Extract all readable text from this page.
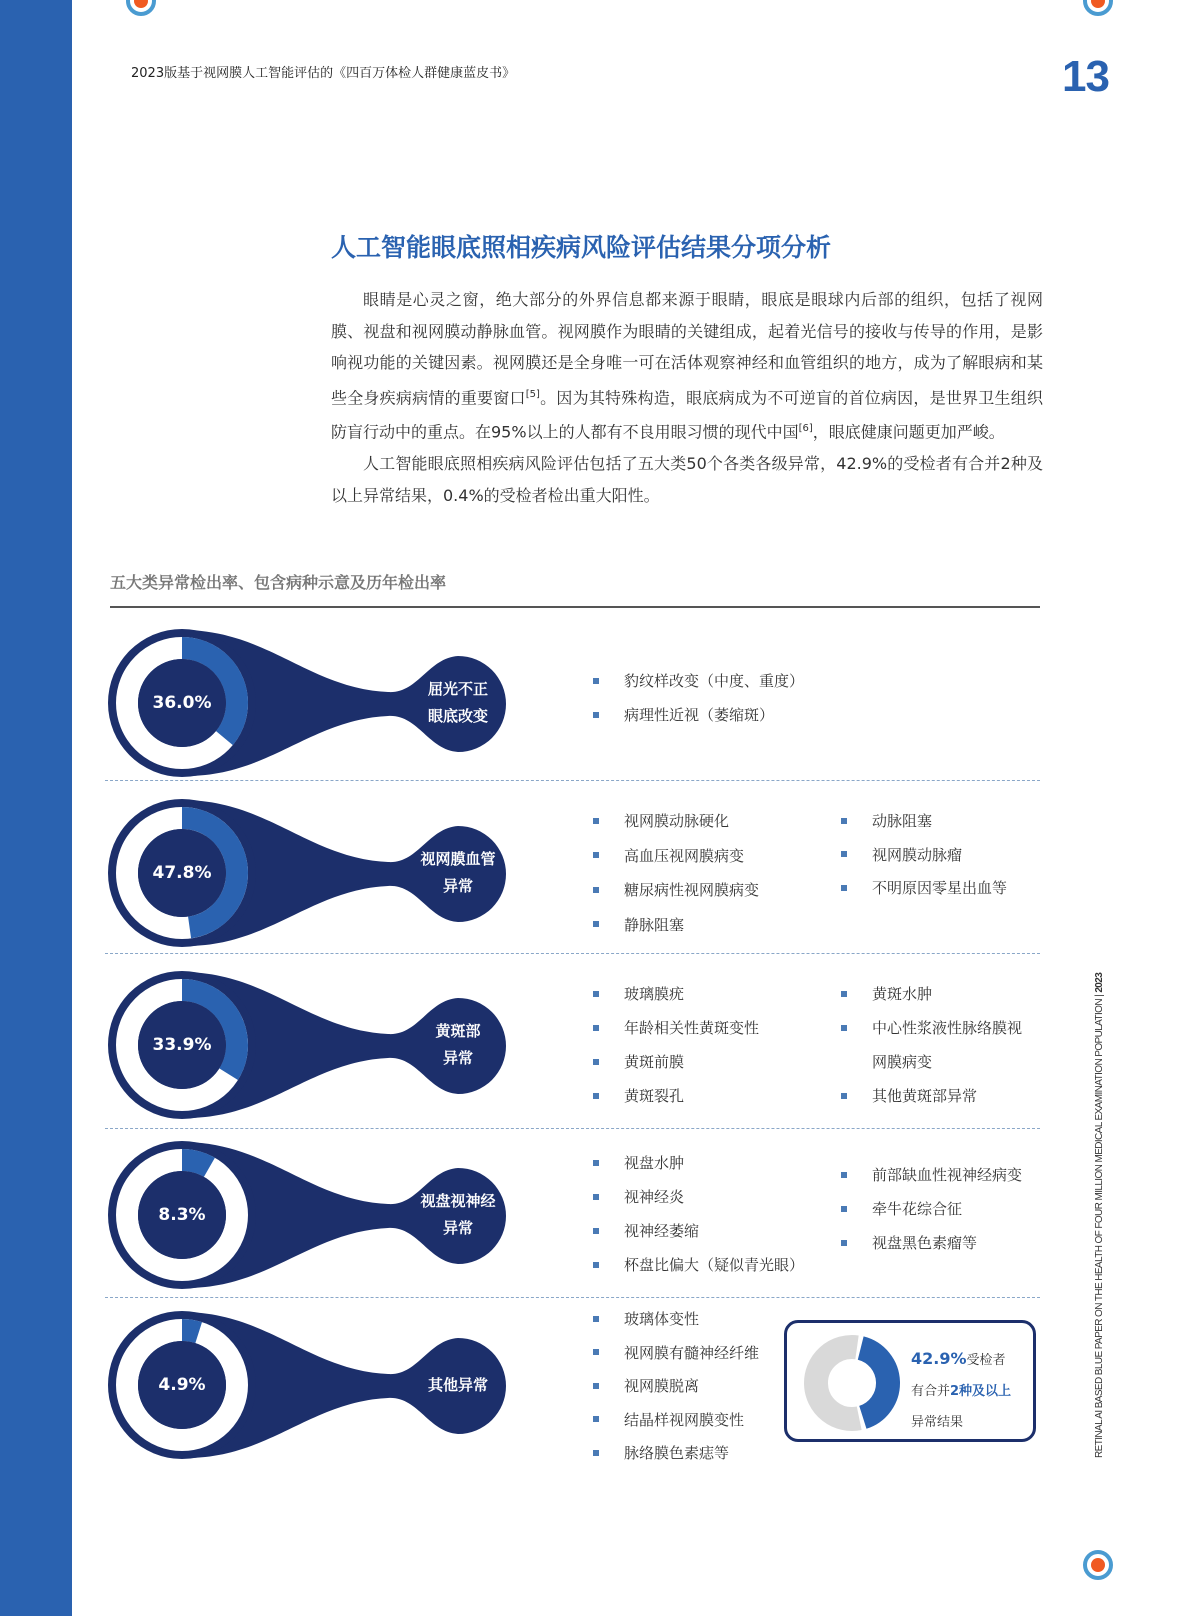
2023版基于视网膜人工智能评估的《四百万体检人群健康蓝皮书》	13
人工智能眼底照相疾病风险评估结果分项分析

眼睛是心灵之窗，绝大部分的外界信息都来源于眼睛，眼底是眼球内后部的组织，包括了视网膜、视盘和视网膜动静脉血管。视网膜作为眼睛的关键组成，起着光信号的接收与传导的作用，是影响视功能的关键因素。视网膜还是全身唯一可在活体观察神经和血管组织的地方，成为了解眼病和某些全身疾病病情的重要窗口[5]。因为其特殊构造，眼底病成为不可逆盲的首位病因，是世界卫生组织防盲行动中的重点。在95%以上的人都有不良用眼习惯的现代中国[6]，眼底健康问题更加严峻。

人工智能眼底照相疾病风险评估包括了五大类50个各类各级异常，42.9%的受检者有合并2种及以上异常结果，0.4%的受检者检出重大阳性。

五大类异常检出率、包含病种示意及历年检出率
36.0%
屈光不正
眼底改变
豹纹样改变（中度、重度）
病理性近视（萎缩斑）
47.8%
视网膜血管
异常
视网膜动脉硬化
高血压视网膜病变
糖尿病性视网膜病变
静脉阻塞
动脉阻塞
视网膜动脉瘤
不明原因零星出血等
33.9%
黄斑部
异常
玻璃膜疣
年龄相关性黄斑变性
黄斑前膜
黄斑裂孔
黄斑水肿
中心性浆液性脉络膜视
网膜病变
其他黄斑部异常
8.3%
视盘视神经
异常
视盘水肿
视神经炎
视神经萎缩
杯盘比偏大（疑似青光眼）
前部缺血性视神经病变
牵牛花综合征
视盘黑色素瘤等
4.9%	其他异常
玻璃体变性
视网膜有髓神经纤维
视网膜脱离
结晶样视网膜变性
脉络膜色素痣等
42.9%受检者
有合并2种及以上
异常结果	RETINAL AI BASED BLUE PAPER ON THE HEALTH OF FOUR MILLION MEDICAL EXAMINATION POPULATION | 2023
